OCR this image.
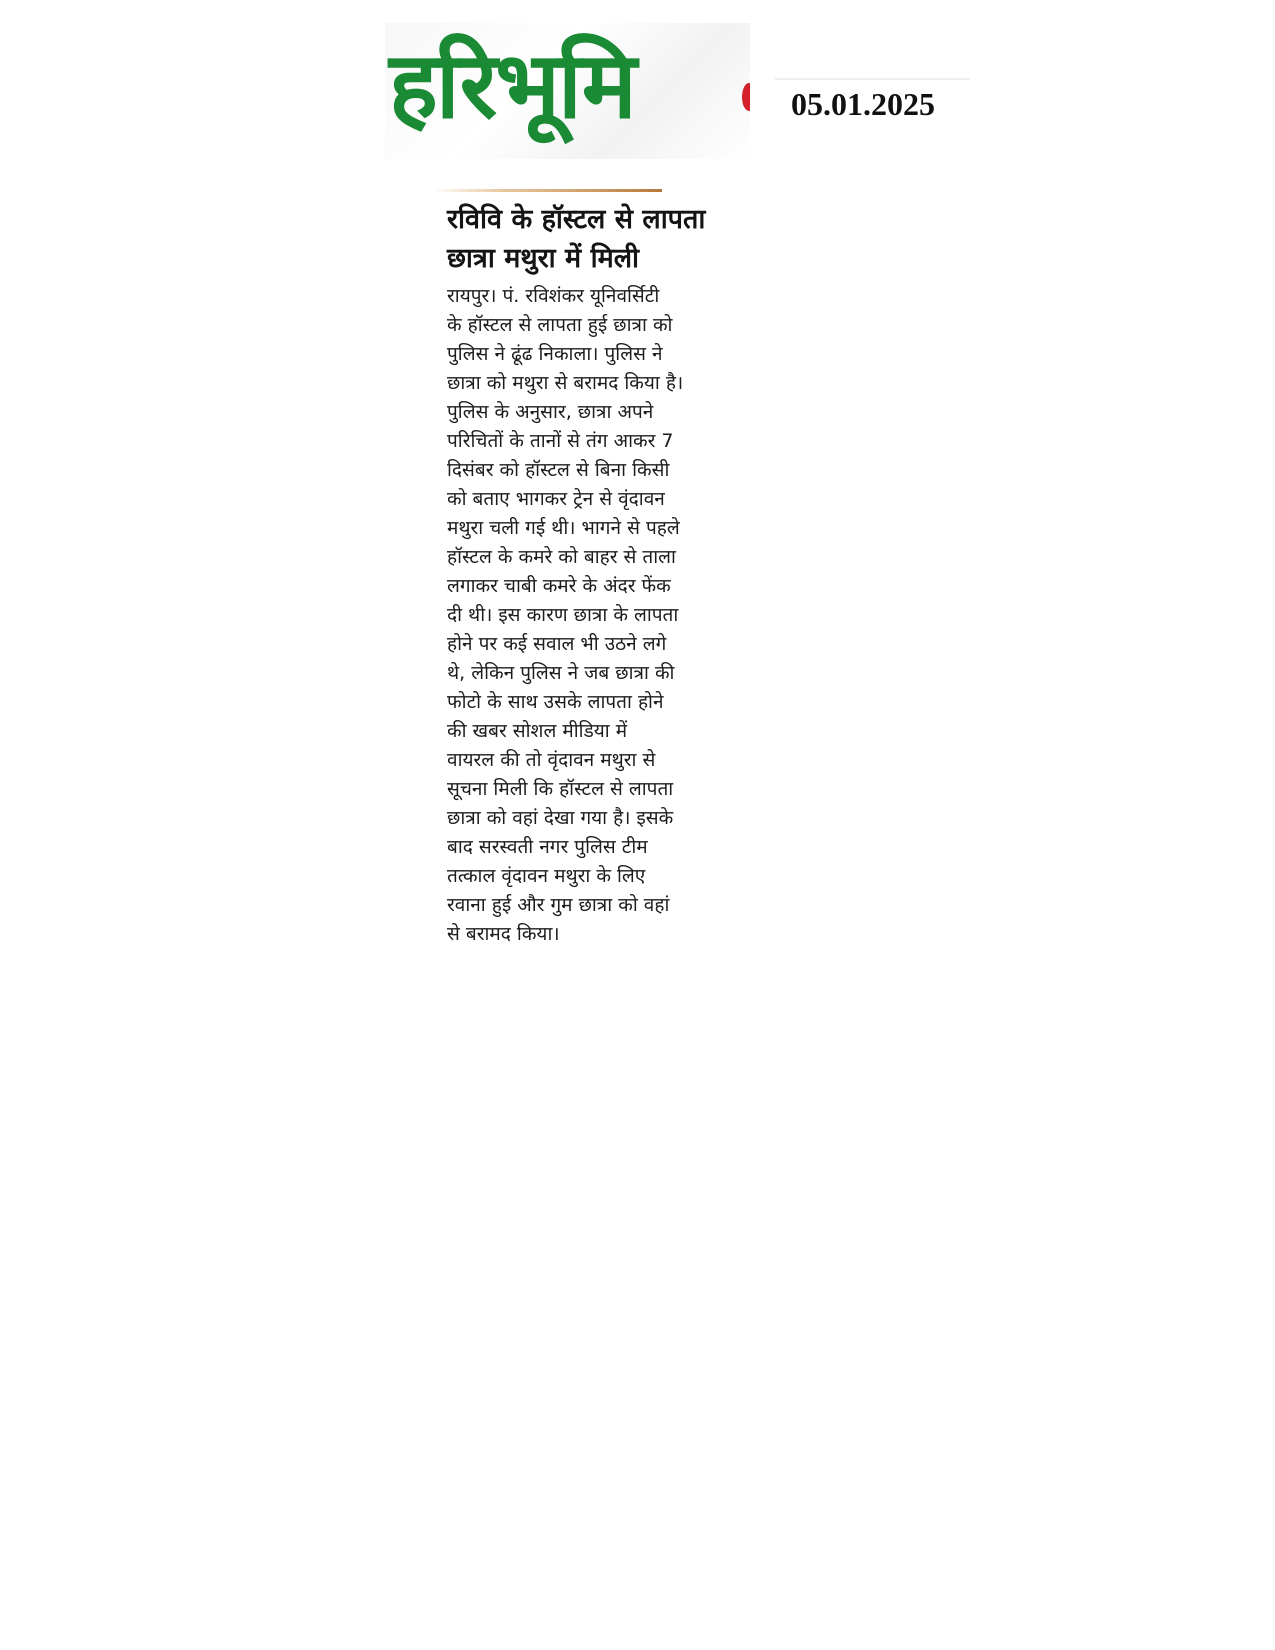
हरिभूमि	05.01.2025
रविवि के हॉस्टल से लापता
छात्रा मथुरा में मिली
रायपुर। पं. रविशंकर यूनिवर्सिटी
के हॉस्टल से लापता हुई छात्रा को
पुलिस ने ढूंढ निकाला। पुलिस ने
छात्रा को मथुरा से बरामद किया है।
पुलिस के अनुसार, छात्रा अपने
परिचितों के तानों से तंग आकर 7
दिसंबर को हॉस्टल से बिना किसी
को बताए भागकर ट्रेन से वृंदावन
मथुरा चली गई थी। भागने से पहले
हॉस्टल के कमरे को बाहर से ताला
लगाकर चाबी कमरे के अंदर फेंक
दी थी। इस कारण छात्रा के लापता
होने पर कई सवाल भी उठने लगे
थे, लेकिन पुलिस ने जब छात्रा की
फोटो के साथ उसके लापता होने
की खबर सोशल मीडिया में
वायरल की तो वृंदावन मथुरा से
सूचना मिली कि हॉस्टल से लापता
छात्रा को वहां देखा गया है। इसके
बाद सरस्वती नगर पुलिस टीम
तत्काल वृंदावन मथुरा के लिए
रवाना हुई और गुम छात्रा को वहां
से बरामद किया।
